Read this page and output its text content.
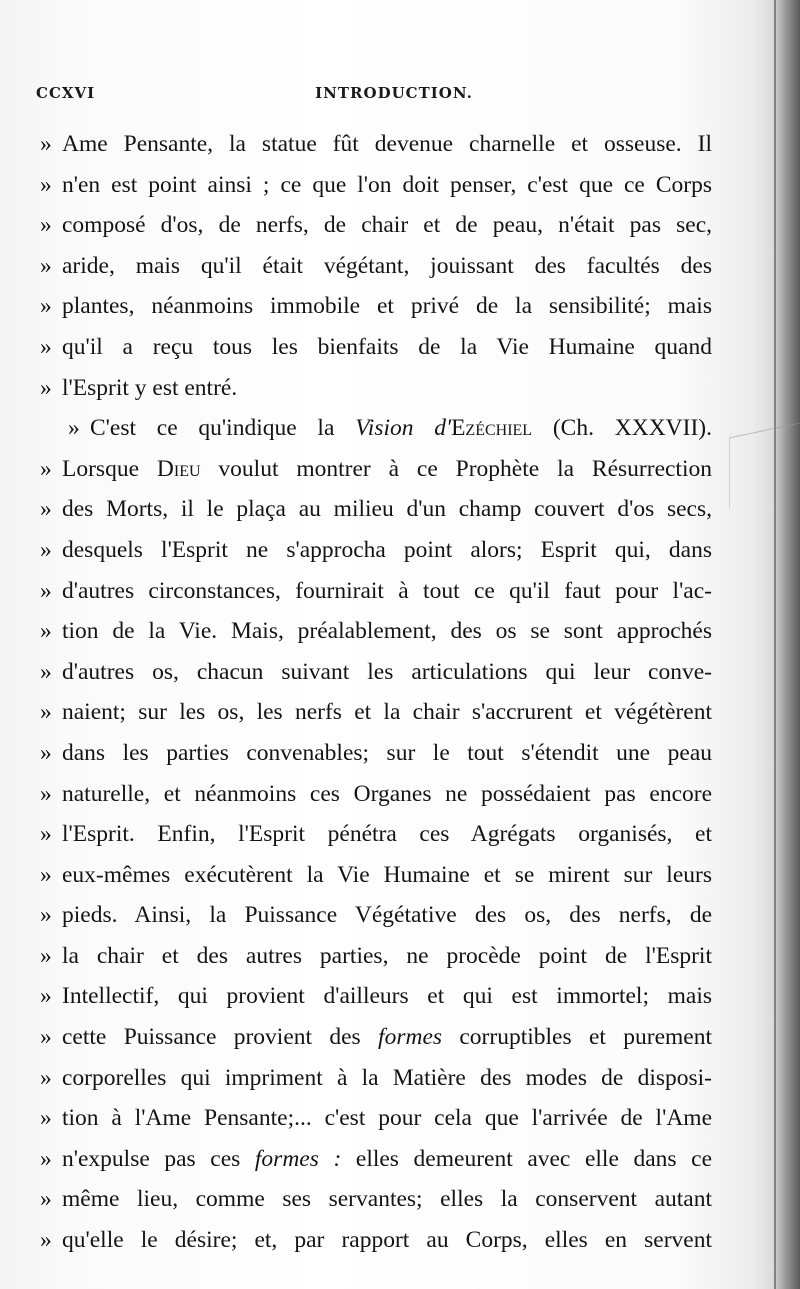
CCXVI	INTRODUCTION.
» Ame Pensante, la statue fût devenue charnelle et osseuse. Il
» n'en est point ainsi ; ce que l'on doit penser, c'est que ce Corps
» composé d'os, de nerfs, de chair et de peau, n'était pas sec,
» aride, mais qu'il était végétant, jouissant des facultés des
» plantes, néanmoins immobile et privé de la sensibilité; mais
» qu'il a reçu tous les bienfaits de la Vie Humaine quand
» l'Esprit y est entré.
» C'est ce qu'indique la Vision d'Ezéchiel (Ch. XXXVII).
» Lorsque Dieu voulut montrer à ce Prophète la Résurrection
» des Morts, il le plaça au milieu d'un champ couvert d'os secs,
» desquels l'Esprit ne s'approcha point alors; Esprit qui, dans
» d'autres circonstances, fournirait à tout ce qu'il faut pour l'ac-
» tion de la Vie. Mais, préalablement, des os se sont approchés
» d'autres os, chacun suivant les articulations qui leur conve-
» naient; sur les os, les nerfs et la chair s'accrurent et végétèrent
» dans les parties convenables; sur le tout s'étendit une peau
» naturelle, et néanmoins ces Organes ne possédaient pas encore
» l'Esprit. Enfin, l'Esprit pénétra ces Agrégats organisés, et
» eux-mêmes exécutèrent la Vie Humaine et se mirent sur leurs
» pieds. Ainsi, la Puissance Végétative des os, des nerfs, de
» la chair et des autres parties, ne procède point de l'Esprit
» Intellectif, qui provient d'ailleurs et qui est immortel; mais
» cette Puissance provient des formes corruptibles et purement
» corporelles qui impriment à la Matière des modes de disposi-
» tion à l'Ame Pensante;... c'est pour cela que l'arrivée de l'Ame
» n'expulse pas ces formes : elles demeurent avec elle dans ce
» même lieu, comme ses servantes; elles la conservent autant
» qu'elle le désire; et, par rapport au Corps, elles en servent
